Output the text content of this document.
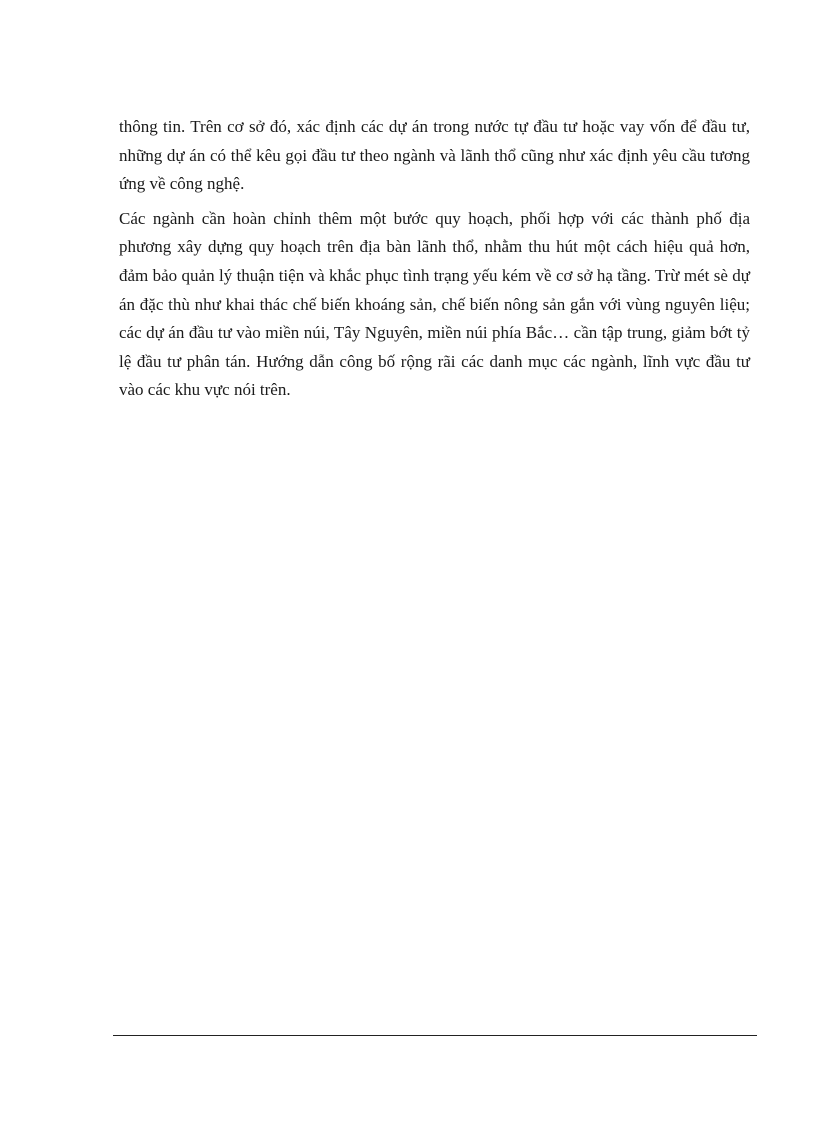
thông tin. Trên cơ sở đó, xác định các dự án trong nước tự đầu tư hoặc vay vốn để đầu tư, những dự án có thể kêu gọi đầu tư theo ngành và lãnh thổ cũng như xác định yêu cầu tương ứng về công nghệ.

Các ngành cần hoàn chỉnh thêm một bước quy hoạch, phối hợp với các thành phố địa phương xây dựng quy hoạch trên địa bàn lãnh thổ, nhằm thu hút một cách hiệu quả hơn, đảm bảo quản lý thuận tiện và khắc phục tình trạng yếu kém về cơ sở hạ tầng. Trừ mét sè dự án đặc thù như khai thác chế biến khoáng sản, chế biến nông sản gắn với vùng nguyên liệu; các dự án đầu tư vào miền núi, Tây Nguyên, miền núi phía Bắc… cần tập trung, giảm bớt tỷ lệ đầu tư phân tán. Hướng dẫn công bố rộng rãi các danh mục các ngành, lĩnh vực đầu tư vào các khu vực nói trên.
